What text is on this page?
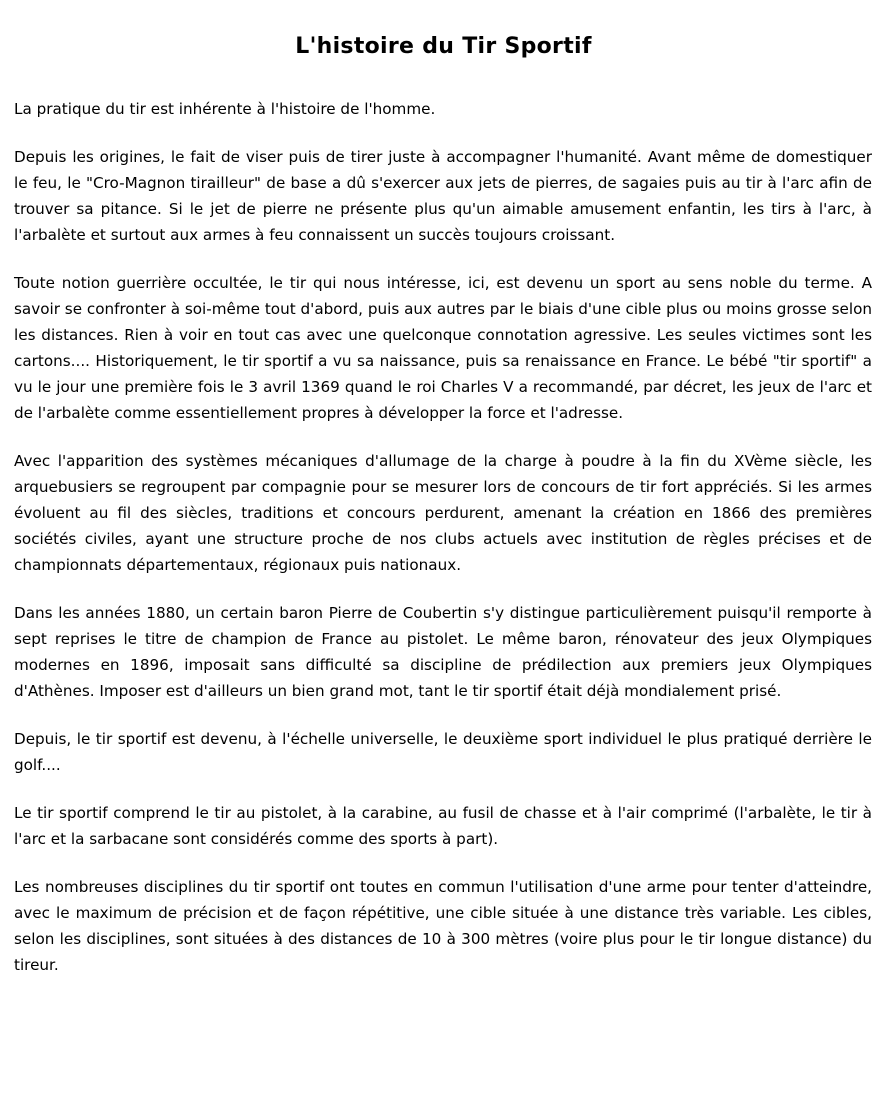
L'histoire du Tir Sportif

La pratique du tir est inhérente à l'histoire de l'homme.

Depuis les origines, le fait de viser puis de tirer juste à accompagner l'humanité. Avant même de domestiquer le feu, le "Cro-Magnon tirailleur" de base a dû s'exercer aux jets de pierres, de sagaies puis au tir à l'arc afin de trouver sa pitance. Si le jet de pierre ne présente plus qu'un aimable amusement enfantin, les tirs à l'arc, à l'arbalète et surtout aux armes à feu connaissent un succès toujours croissant.

Toute notion guerrière occultée, le tir qui nous intéresse, ici, est devenu un sport au sens noble du terme. A savoir se confronter à soi-même tout d'abord, puis aux autres par le biais d'une cible plus ou moins grosse selon les distances. Rien à voir en tout cas avec une quelconque connotation agressive. Les seules victimes sont les cartons.... Historiquement, le tir sportif a vu sa naissance, puis sa renaissance en France. Le bébé "tir sportif" a vu le jour une première fois le 3 avril 1369 quand le roi Charles V a recommandé, par décret, les jeux de l'arc et de l'arbalète comme essentiellement propres à développer la force et l'adresse.

Avec l'apparition des systèmes mécaniques d'allumage de la charge à poudre à la fin du XVème siècle, les arquebusiers se regroupent par compagnie pour se mesurer lors de concours de tir fort appréciés. Si les armes évoluent au fil des siècles, traditions et concours perdurent, amenant la création en 1866 des premières sociétés civiles, ayant une structure proche de nos clubs actuels avec institution de règles précises et de championnats départementaux, régionaux puis nationaux.

Dans les années 1880, un certain baron Pierre de Coubertin s'y distingue particulièrement puisqu'il remporte à sept reprises le titre de champion de France au pistolet. Le même baron, rénovateur des jeux Olympiques modernes en 1896, imposait sans difficulté sa discipline de prédilection aux premiers jeux Olympiques d'Athènes. Imposer est d'ailleurs un bien grand mot, tant le tir sportif était déjà mondialement prisé.

Depuis, le tir sportif est devenu, à l'échelle universelle, le deuxième sport individuel le plus pratiqué derrière le golf....

Le tir sportif comprend le tir au pistolet, à la carabine, au fusil de chasse et à l'air comprimé (l'arbalète, le tir à l'arc et la sarbacane sont considérés comme des sports à part).

Les nombreuses disciplines du tir sportif ont toutes en commun l'utilisation d'une arme pour tenter d'atteindre, avec le maximum de précision et de façon répétitive, une cible située à une distance très variable. Les cibles, selon les disciplines, sont situées à des distances de 10 à 300 mètres (voire plus pour le tir longue distance) du tireur.
